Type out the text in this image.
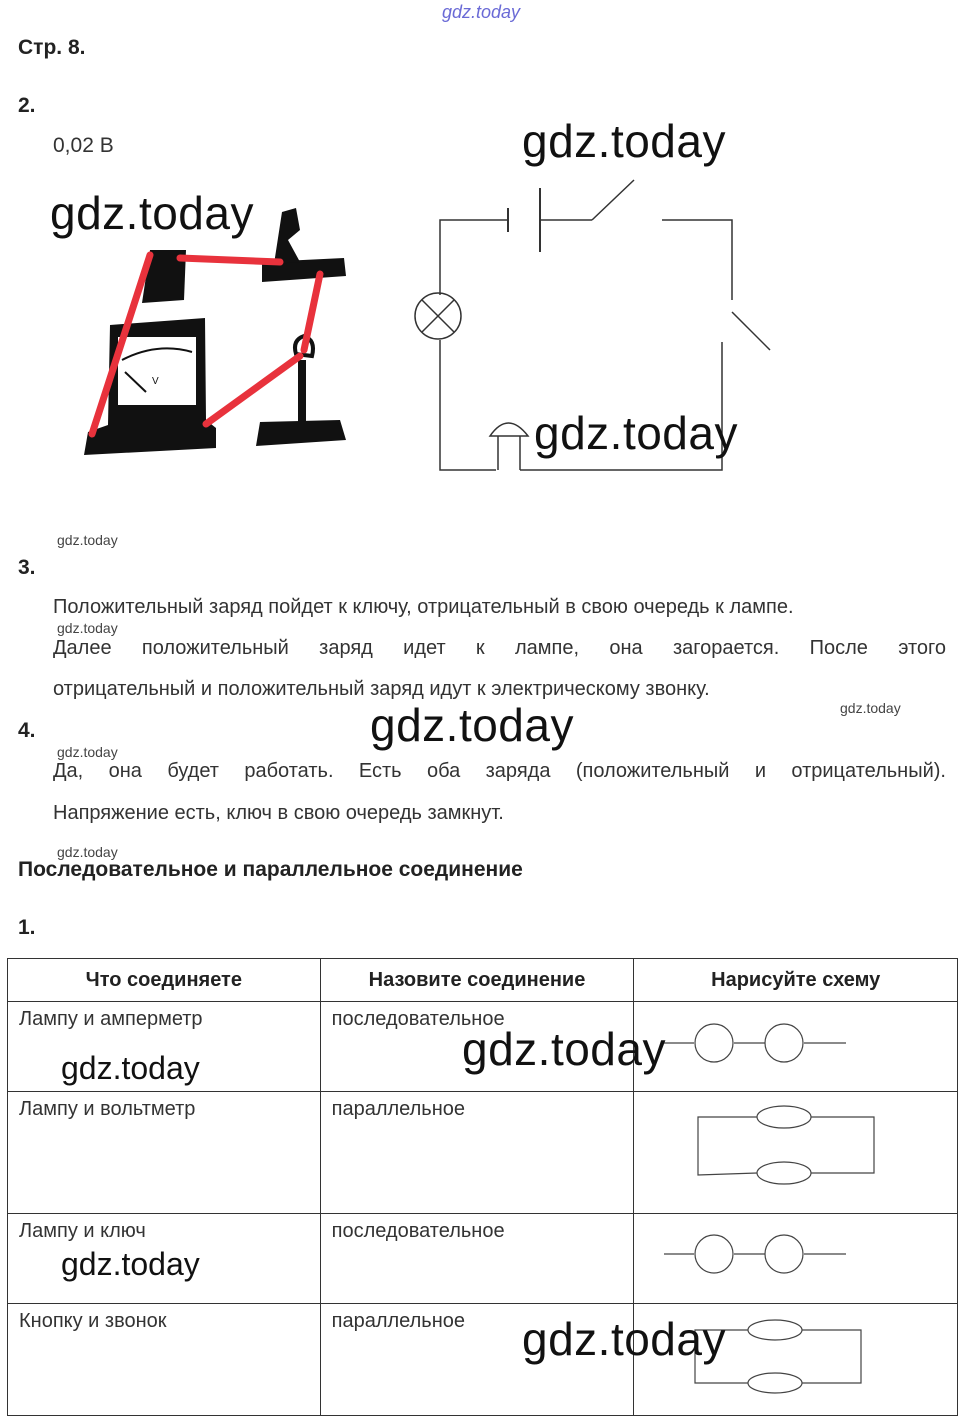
gdz.today
Стр. 8.
2.
0,02 В
V
gdz.today
gdz.today
gdz.today
gdz.today
3.
Положительный заряд пойдет к ключу, отрицательный в свою очередь к лампе.
gdz.today
Далее положительный заряд идет к лампе, она загорается. После этого
отрицательный и положительный заряд идут к электрическому звонку.
gdz.today
4.	gdz.today
gdz.today
Да, она будет работать. Есть оба заряда (положительный и отрицательный).
Напряжение есть, ключ в свою очередь замкнут.
gdz.today
Последовательное и параллельное соединение
1.
Что соединяете	Назовите соединение	Нарисуйте схему

Лампу и амперметр	последовательное	

Лампу и вольтметр	параллельное	

Лампу и ключ	последовательное	

Кнопку и звонок	параллельное	

gdz.today
gdz.today
gdz.today
gdz.today
